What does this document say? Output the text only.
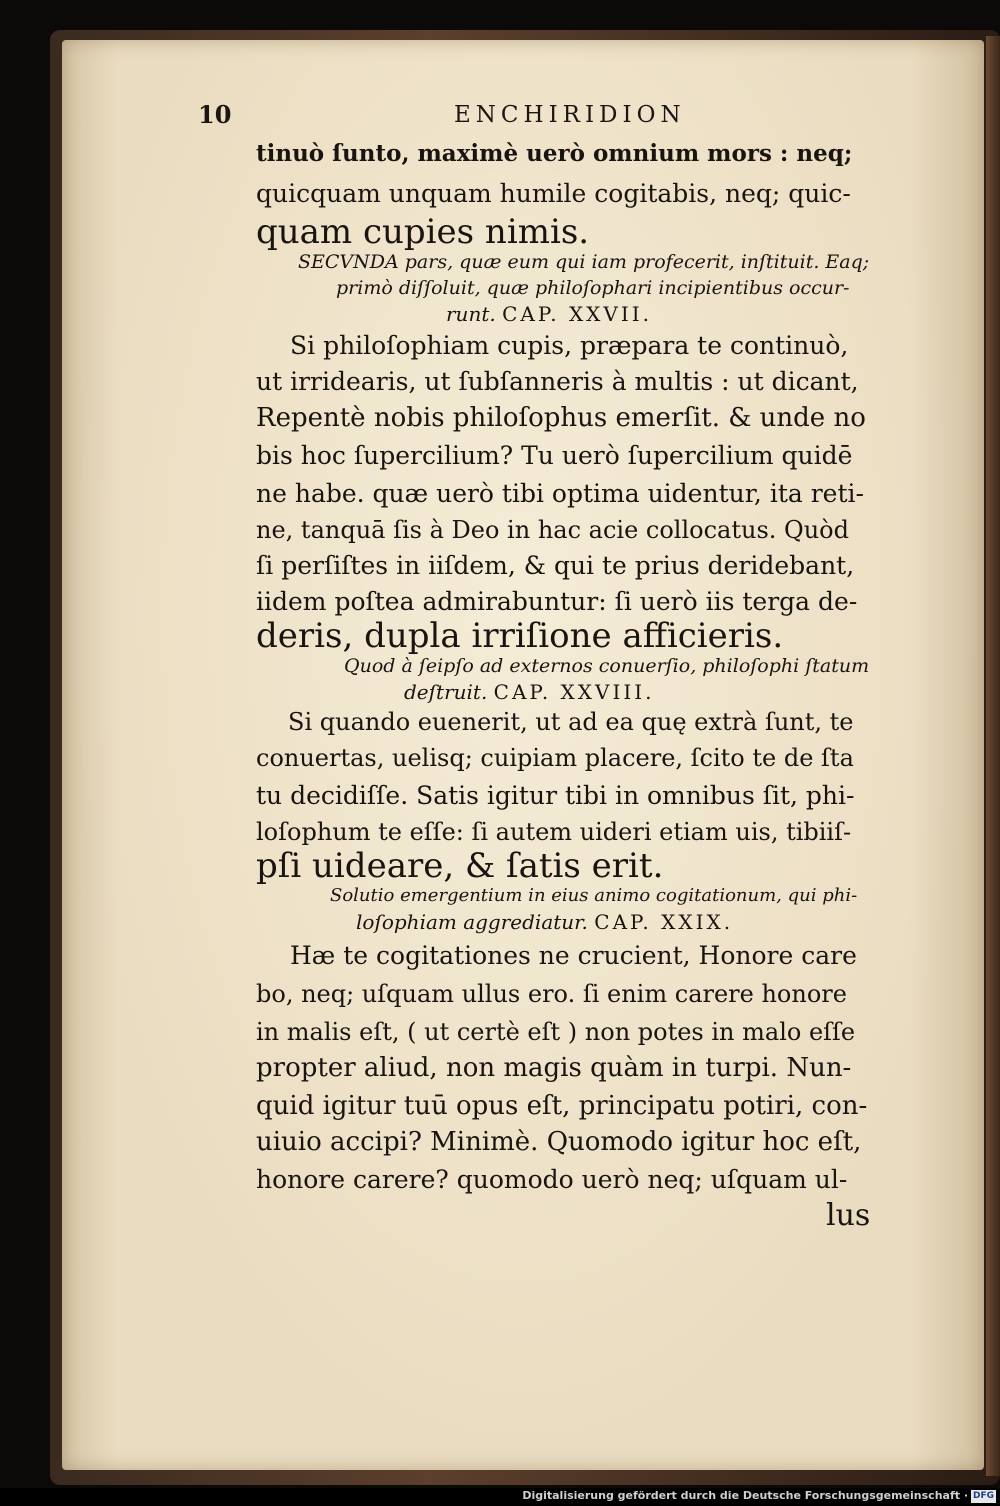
10	ENCHIRIDION
tinuò ſunto, maximè uerò omnium mors : neq;
quicquam unquam humile cogitabis, neq; quic-
quam cupies nimis.
SECVNDA pars, quæ eum qui iam profecerit, inſtituit. Eaq;
primò diſſoluit, quæ philoſophari incipientibus occur-
runt. CAP. XXVII.
Si philoſophiam cupis, præpara te continuò,
ut irridearis, ut ſubſanneris à multis : ut dicant,
Repentè nobis philoſophus emerſit. & unde no
bis hoc ſupercilium? Tu uerò ſupercilium quidē
ne habe. quæ uerò tibi optima uidentur, ita reti-
ne, tanquā ſis à Deo in hac acie collocatus. Quòd
ſi perſiſtes in iiſdem, & qui te prius deridebant,
iidem poſtea admirabuntur: ſi uerò iis terga de-
deris, dupla irriſione afficieris.
Quod à ſeipſo ad externos conuerſio, philoſophi ſtatum
deſtruit. CAP. XXVIII.
Si quando euenerit, ut ad ea quę extrà ſunt, te
conuertas, uelisq; cuipiam placere, ſcito te de ſta
tu decidiſſe. Satis igitur tibi in omnibus ſit, phi-
loſophum te eſſe: ſi autem uideri etiam uis, tibiiſ-
pſi uideare, & ſatis erit.
Solutio emergentium in eius animo cogitationum, qui phi-
loſophiam aggrediatur. CAP. XXIX.
Hæ te cogitationes ne crucient, Honore care
bo, neq; uſquam ullus ero. ſi enim carere honore
in malis eſt, ( ut certè eſt ) non potes in malo eſſe
propter aliud, non magis quàm in turpi. Nun-
quid igitur tuū opus eſt, principatu potiri, con-
uiuio accipi? Minimè. Quomodo igitur hoc eſt,
honore carere? quomodo uerò neq; uſquam ul-
lus
Digitalisierung gefördert durch die Deutsche Forschungsgemeinschaft · DFG
